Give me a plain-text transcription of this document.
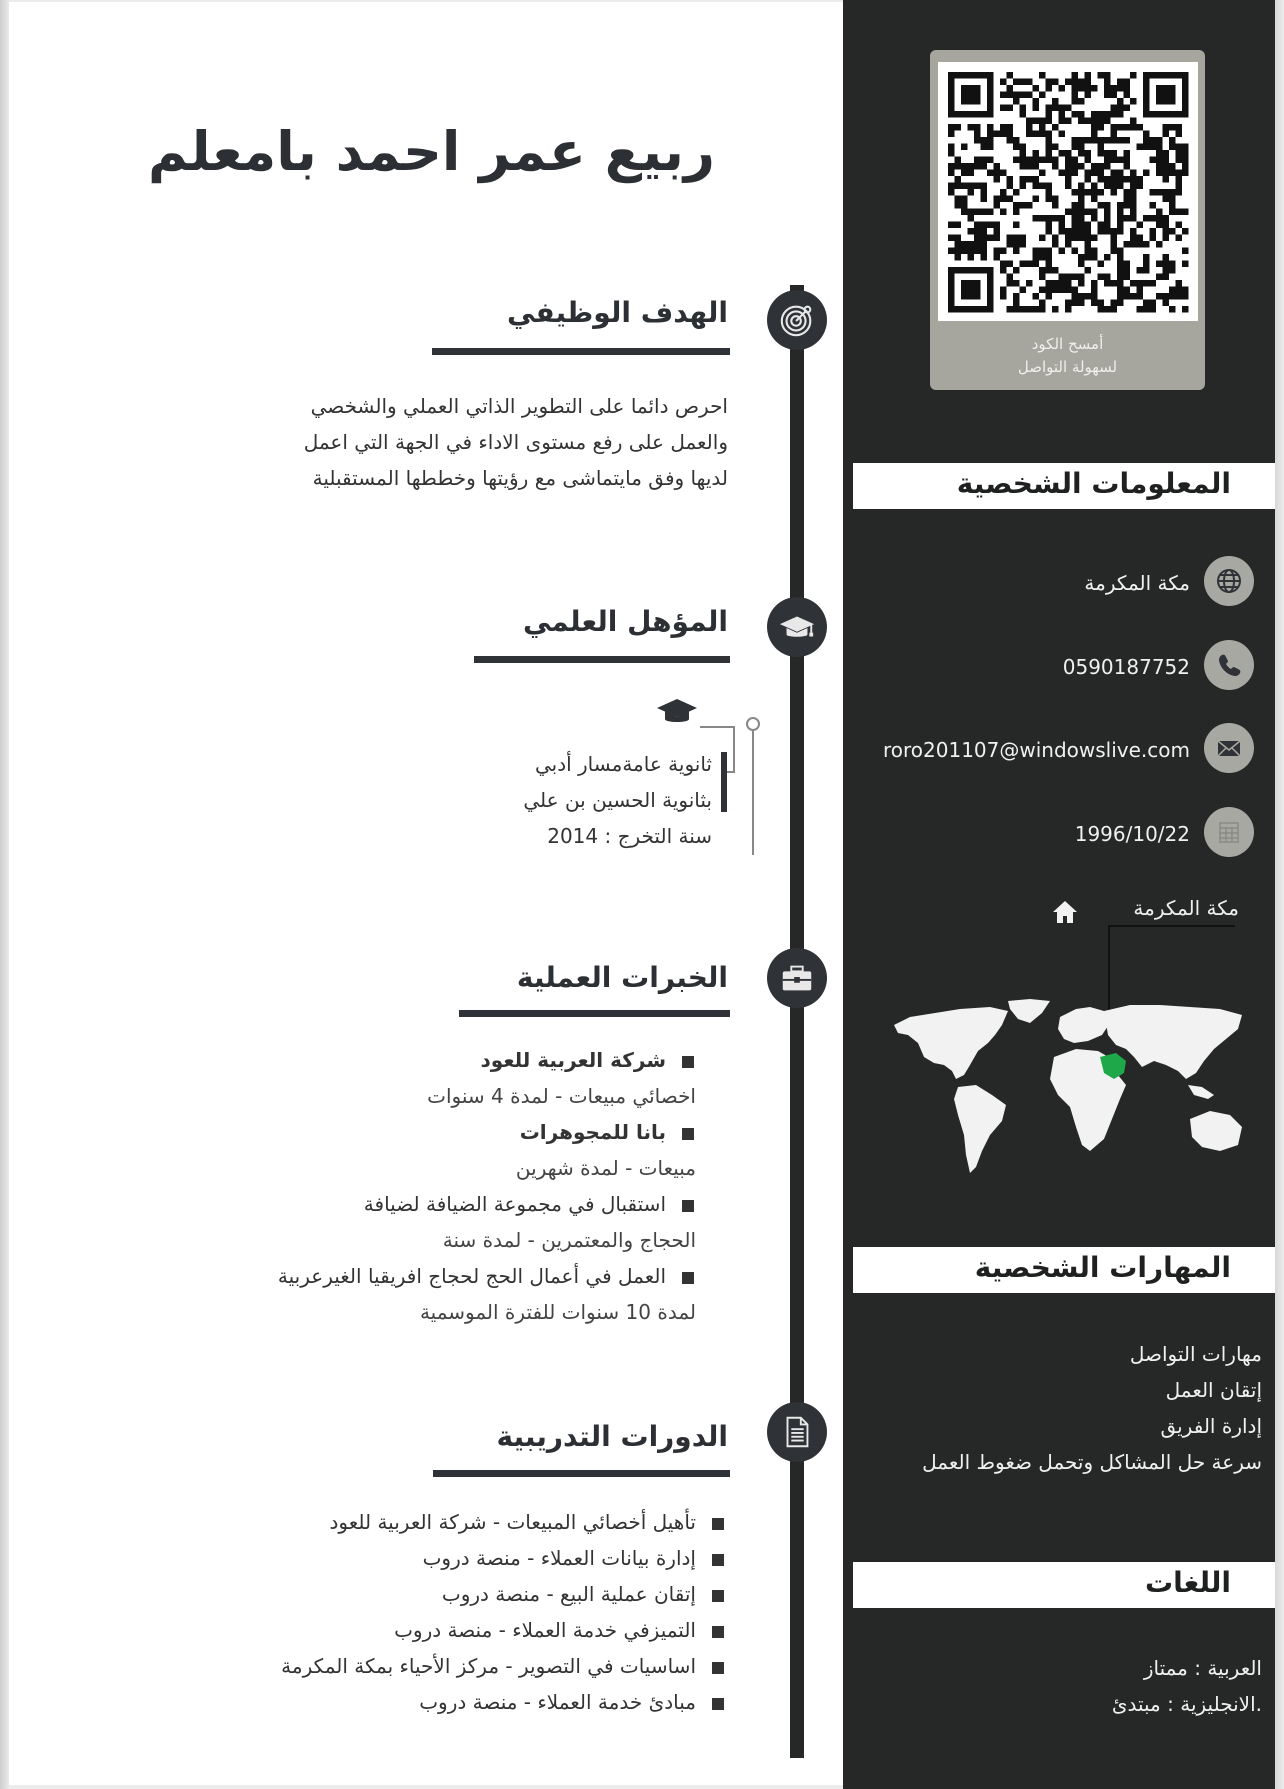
ربيع عمر احمد بامعلم
الهدف الوظيفي
احرص دائما على التطوير الذاتي العملي والشخصي
والعمل على رفع مستوى الاداء في الجهة التي اعمل
لديها وفق مايتماشى مع رؤيتها وخططها المستقبلية
المؤهل العلمي
ثانوية عامةمسار أدبي
بثانوية الحسين بن علي
سنة التخرج : 2014
الخبرات العملية
شركة العربية للعود
اخصائي مبيعات - لمدة 4 سنوات
بانا للمجوهرات
مبيعات - لمدة شهرين
استقبال في مجموعة الضيافة لضيافة
الحجاج والمعتمرين - لمدة سنة
العمل في أعمال الحج لحجاج افريقيا الغيرعربية
لمدة 10 سنوات للفترة الموسمية
الدورات التدريبية
تأهيل أخصائي المبيعات - شركة العربية للعود
إدارة بيانات العملاء - منصة دروب
إتقان عملية البيع - منصة دروب
التميزفي خدمة العملاء - منصة دروب
اساسيات في التصوير - مركز الأحياء بمكة المكرمة
مبادئ خدمة العملاء - منصة دروب
أمسح الكود
لسهولة التواصل
المعلومات الشخصية
مكة المكرمة
0590187752
roro201107@windowslive.com
1996/10/22
مكة المكرمة
المهارات الشخصية
مهارات التواصل
إتقان العمل
إدارة الفريق
سرعة حل المشاكل وتحمل ضغوط العمل
اللغات
العربية : ممتاز
.الانجليزية : مبتدئ
